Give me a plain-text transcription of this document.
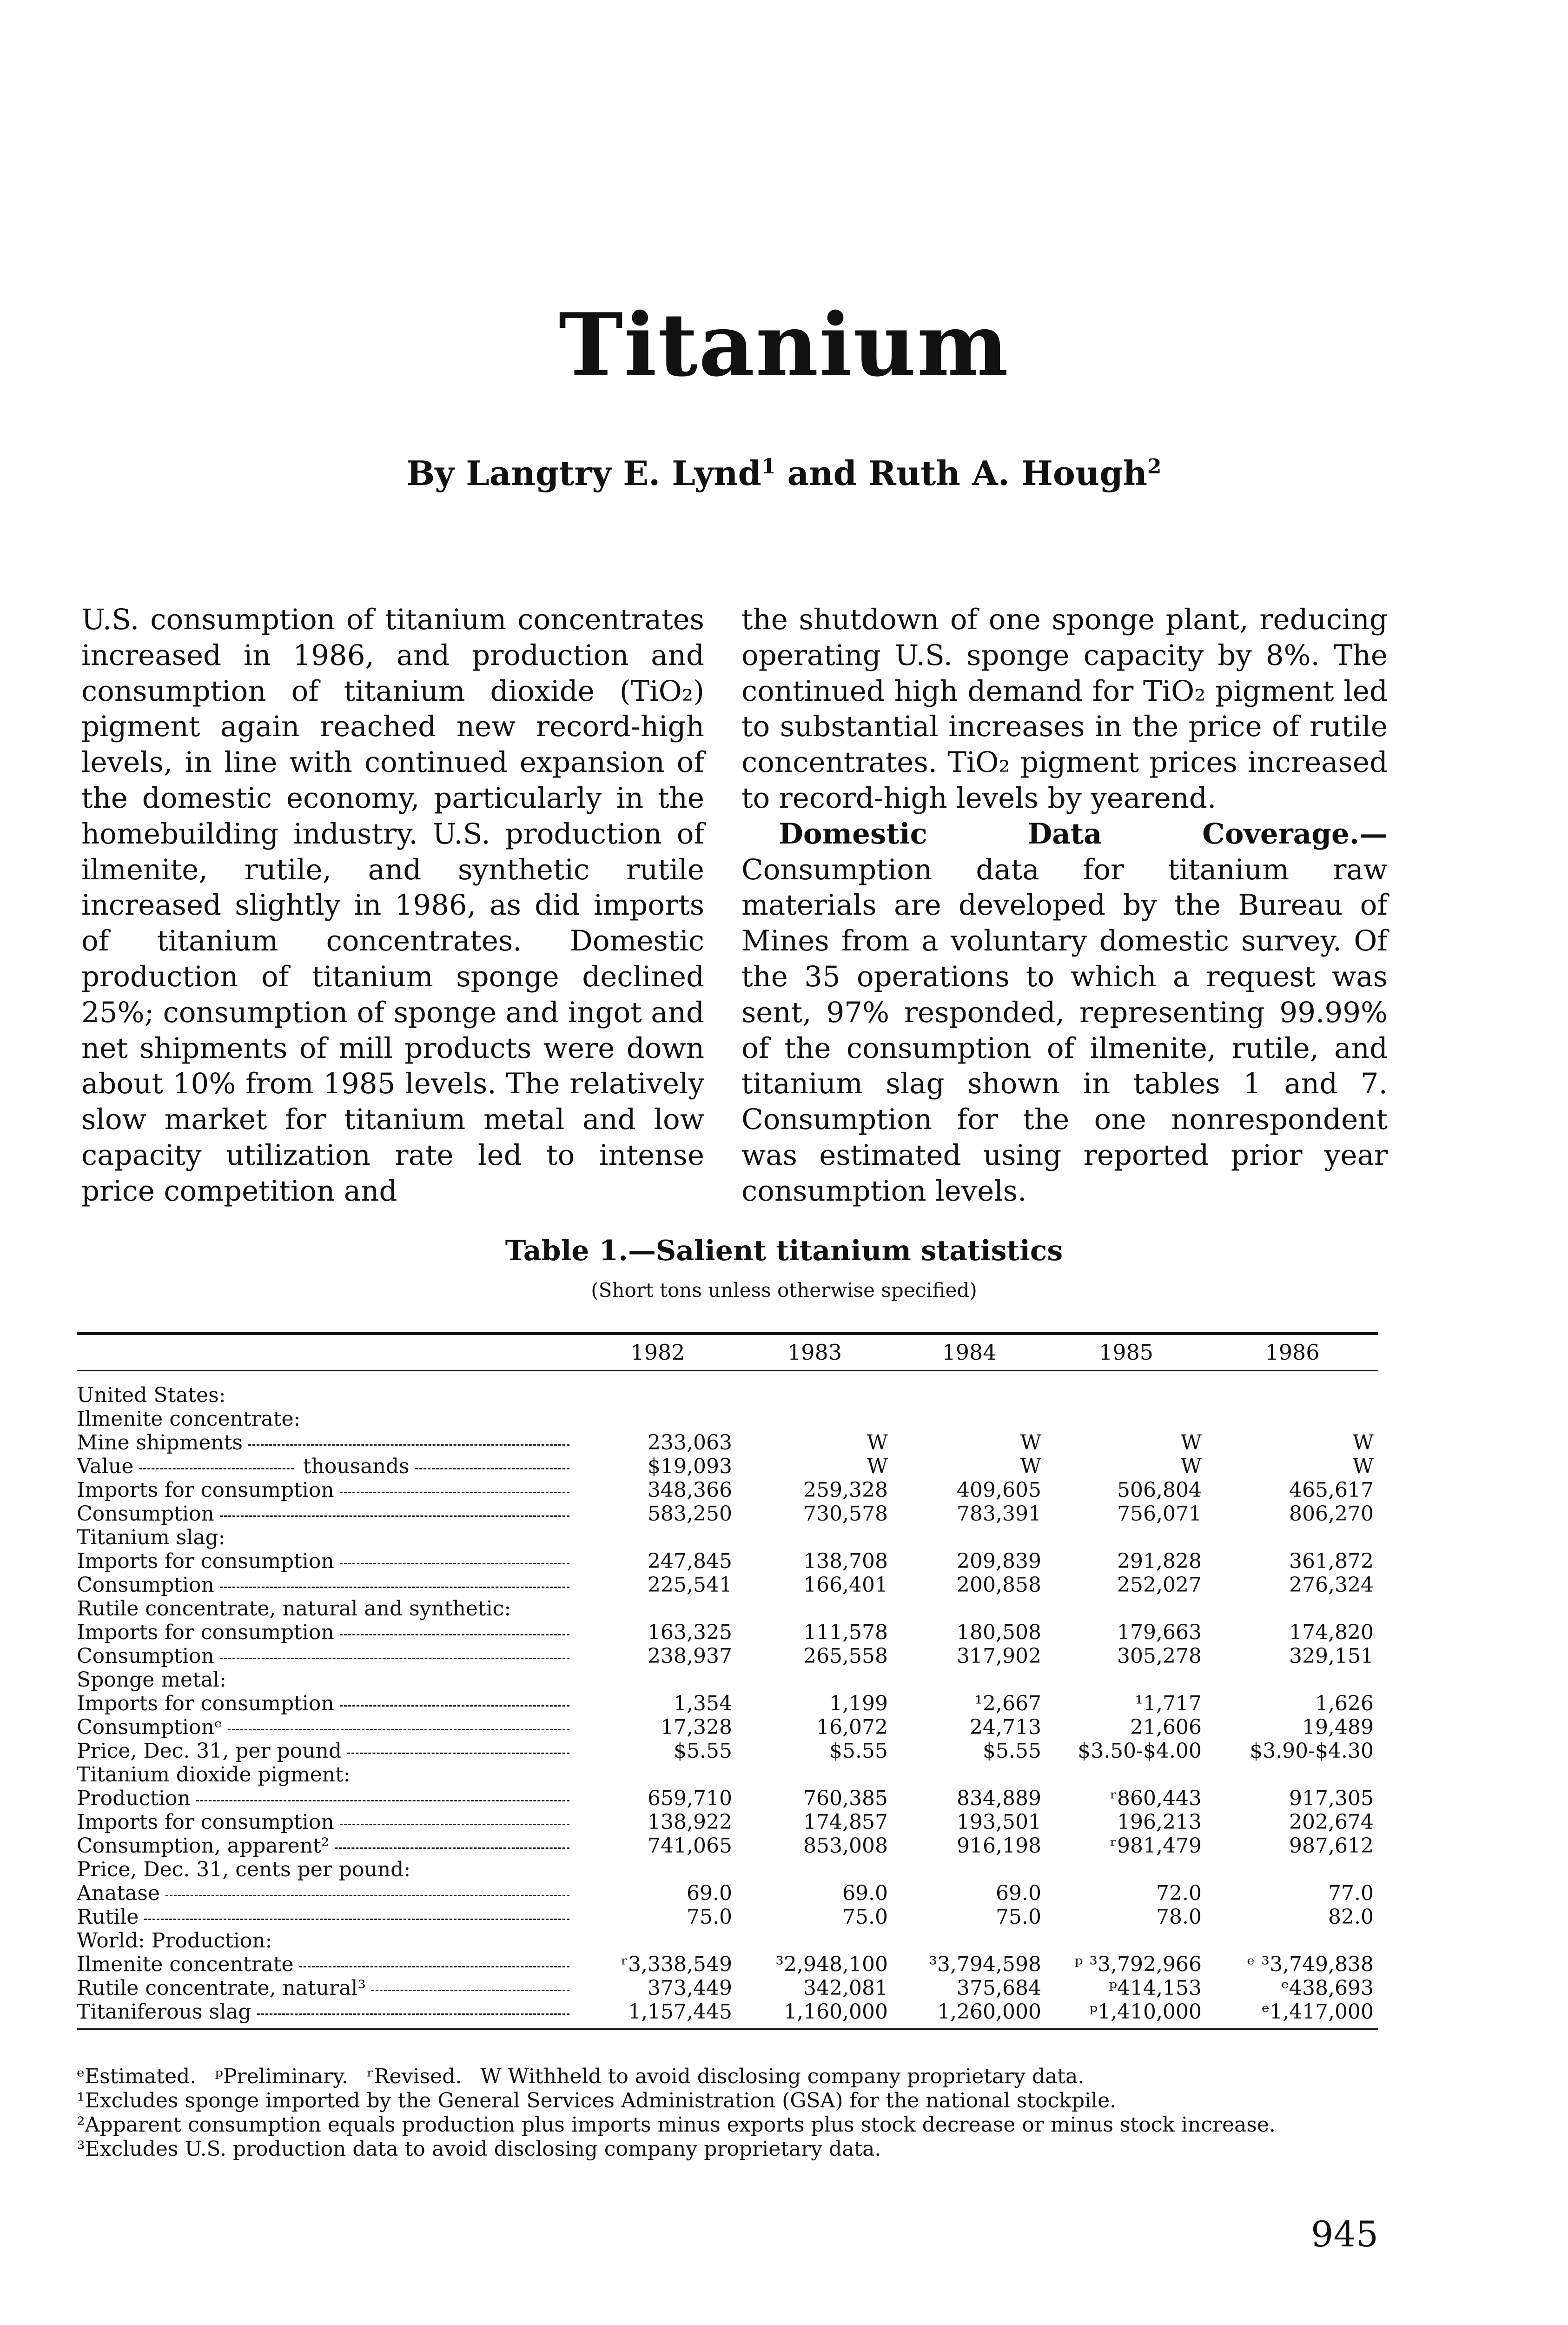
Titanium
By Langtry E. Lynd$^1$ and Ruth A. Hough$^2$

U.S. consumption of titanium concentrates increased in 1986, and production and consumption of titanium dioxide (TiO₂) pigment again reached new record-high levels, in line with continued expansion of the domestic economy, particularly in the homebuilding industry. U.S. production of ilmenite, rutile, and synthetic rutile increased slightly in 1986, as did imports of titanium concentrates. Domestic production of titanium sponge declined 25%; consumption of sponge and ingot and net shipments of mill products were down about 10% from 1985 levels. The relatively slow market for titanium metal and low capacity utilization rate led to intense price competition and

the shutdown of one sponge plant, reducing operating U.S. sponge capacity by 8%. The continued high demand for TiO₂ pigment led to substantial increases in the price of rutile concentrates. TiO₂ pigment prices increased to record-high levels by yearend.

Domestic Data Coverage.—Consumption data for titanium raw materials are developed by the Bureau of Mines from a voluntary domestic survey. Of the 35 operations to which a request was sent, 97% responded, representing 99.99% of the consumption of ilmenite, rutile, and titanium slag shown in tables 1 and 7. Consumption for the one nonrespondent was estimated using reported prior year consumption levels.

Table 1.—Salient titanium statistics
(Short tons unless otherwise specified)
	1982	1983	1984	1985	1986
United States:					
Ilmenite concentrate:					

Mine shipments	233,063	W	W	W	W

Value thousands	$19,093	W	W	W	W

Imports for consumption	348,366	259,328	409,605	506,804	465,617

Consumption	583,250	730,578	783,391	756,071	806,270
Titanium slag:					

Imports for consumption	247,845	138,708	209,839	291,828	361,872

Consumption	225,541	166,401	200,858	252,027	276,324
Rutile concentrate, natural and synthetic:					

Imports for consumption	163,325	111,578	180,508	179,663	174,820

Consumption	238,937	265,558	317,902	305,278	329,151
Sponge metal:					

Imports for consumption	1,354	1,199	¹2,667	¹1,717	1,626

Consumptionᵉ	17,328	16,072	24,713	21,606	19,489

Price, Dec. 31, per pound	$5.55	$5.55	$5.55	$3.50-$4.00	$3.90-$4.30
Titanium dioxide pigment:					

Production	659,710	760,385	834,889	ʳ860,443	917,305

Imports for consumption	138,922	174,857	193,501	196,213	202,674

Consumption, apparent²	741,065	853,008	916,198	ʳ981,479	987,612
Price, Dec. 31, cents per pound:					

Anatase	69.0	69.0	69.0	72.0	77.0

Rutile	75.0	75.0	75.0	78.0	82.0
World: Production:					

Ilmenite concentrate	ʳ3,338,549	³2,948,100	³3,794,598	ᵖ ³3,792,966	ᵉ ³3,749,838

Rutile concentrate, natural³	373,449	342,081	375,684	ᵖ414,153	ᵉ438,693

Titaniferous slag	1,157,445	1,160,000	1,260,000	ᵖ1,410,000	ᵉ1,417,000

ᵉEstimated. ᵖPreliminary. ʳRevised. W Withheld to avoid disclosing company proprietary data.

¹Excludes sponge imported by the General Services Administration (GSA) for the national stockpile.

²Apparent consumption equals production plus imports minus exports plus stock decrease or minus stock increase.

³Excludes U.S. production data to avoid disclosing company proprietary data.

945
